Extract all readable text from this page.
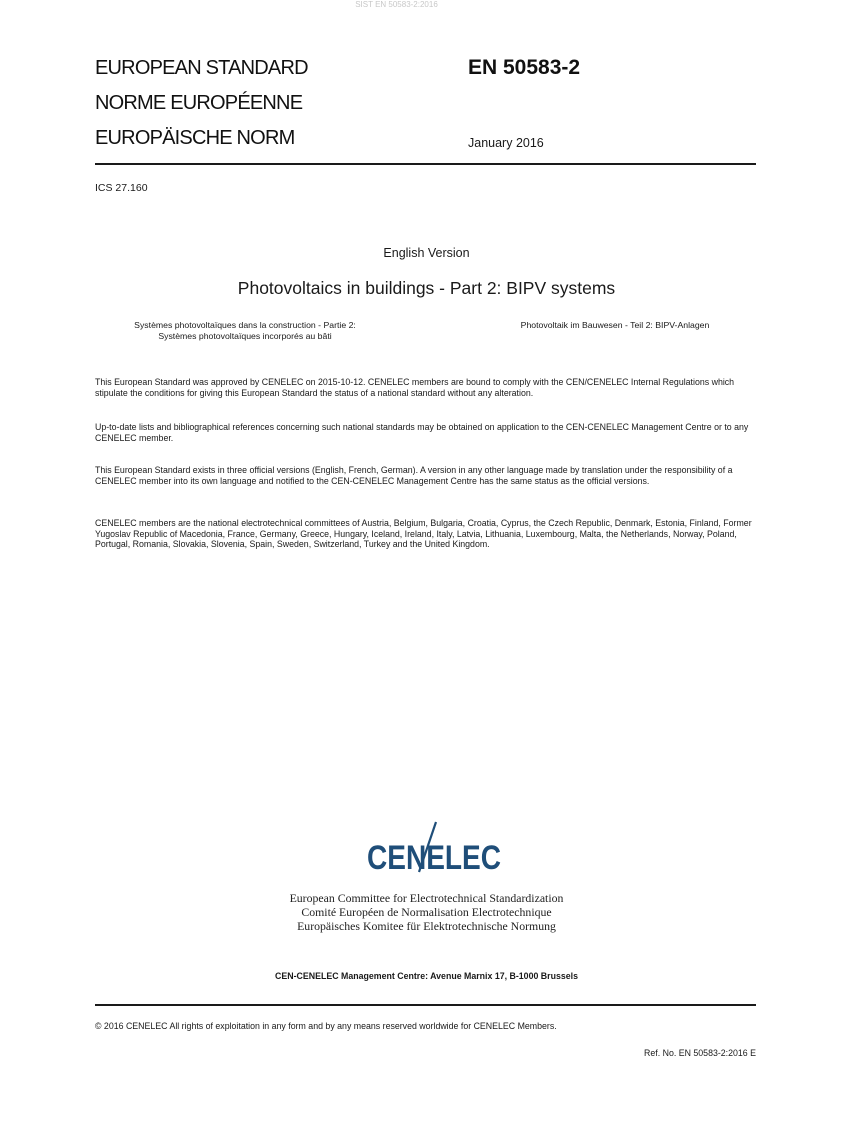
SIST EN 50583-2:2016
EUROPEAN STANDARD
NORME EUROPÉENNE
EUROPÄISCHE NORM
EN 50583-2
January 2016
ICS 27.160
English Version
Photovoltaics in buildings - Part 2: BIPV systems
Systèmes photovoltaïques dans la construction - Partie 2:
Systèmes photovoltaïques incorporés au bâti
Photovoltaik im Bauwesen - Teil 2: BIPV-Anlagen
This European Standard was approved by CENELEC on 2015-10-12. CENELEC members are bound to comply with the CEN/CENELEC Internal Regulations which stipulate the conditions for giving this European Standard the status of a national standard without any alteration.
Up-to-date lists and bibliographical references concerning such national standards may be obtained on application to the CEN-CENELEC Management Centre or to any CENELEC member.
This European Standard exists in three official versions (English, French, German). A version in any other language made by translation under the responsibility of a CENELEC member into its own language and notified to the CEN-CENELEC Management Centre has the same status as the official versions.
CENELEC members are the national electrotechnical committees of Austria, Belgium, Bulgaria, Croatia, Cyprus, the Czech Republic, Denmark, Estonia, Finland, Former Yugoslav Republic of Macedonia, France, Germany, Greece, Hungary, Iceland, Ireland, Italy, Latvia, Lithuania, Luxembourg, Malta, the Netherlands, Norway, Poland, Portugal, Romania, Slovakia, Slovenia, Spain, Sweden, Switzerland, Turkey and the United Kingdom.
CENELEC
European Committee for Electrotechnical Standardization
Comité Européen de Normalisation Electrotechnique
Europäisches Komitee für Elektrotechnische Normung
CEN-CENELEC Management Centre: Avenue Marnix 17, B-1000 Brussels
© 2016 CENELEC All rights of exploitation in any form and by any means reserved worldwide for CENELEC Members.
Ref. No. EN 50583-2:2016 E
